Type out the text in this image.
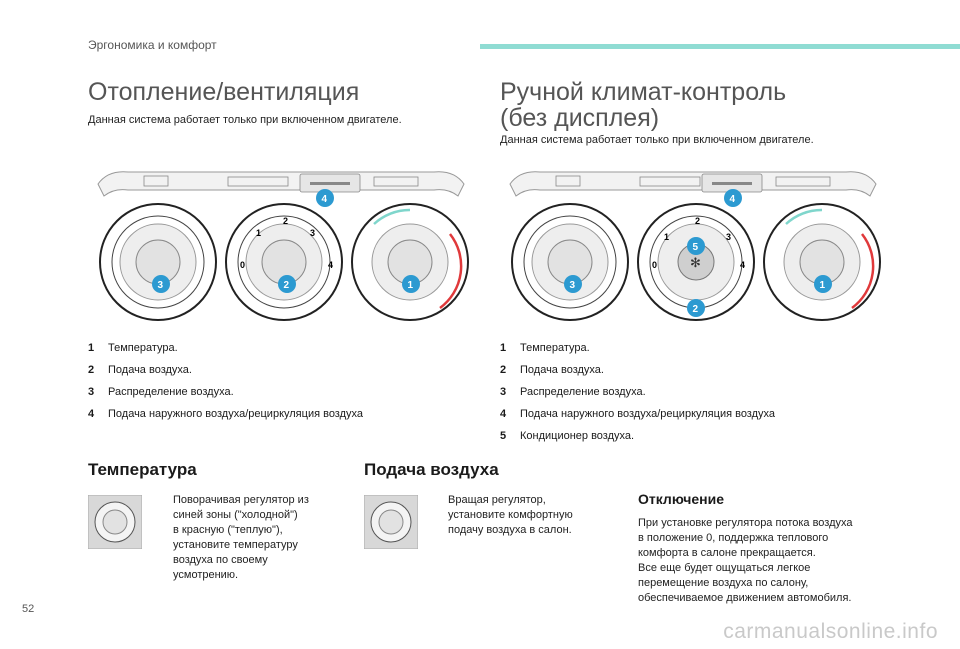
Эргономика и комфорт
Отопление/вентиляция
Данная система работает только при включенном двигателе.
0
1
2
3
4
4
3	2	1
1 Температура.
2 Подача воздуха.
3 Распределение воздуха.
4 Подача наружного воздуха/рециркуляция воздуха
Ручной климат-контроль
(без дисплея)
Данная система работает только при включенном двигателе.
✻
0
1
2
3
4
4
5
3
2
1
1 Температура.
2 Подача воздуха.
3 Распределение воздуха.
4 Подача наружного воздуха/рециркуляция воздуха
5 Кондиционер воздуха.
Температура
Поворачивая регулятор из
синей зоны ("холодной")
в красную ("теплую"),
установите температуру
воздуха по своему
усмотрению.
Подача воздуха
Вращая регулятор,
установите комфортную
подачу воздуха в салон.
Отключение
При установке регулятора потока воздуха
в положение 0, поддержка теплового
комфорта в салоне прекращается.
Все еще будет ощущаться легкое
перемещение воздуха по салону,
обеспечиваемое движением автомобиля.
52
carmanualsonline.info
